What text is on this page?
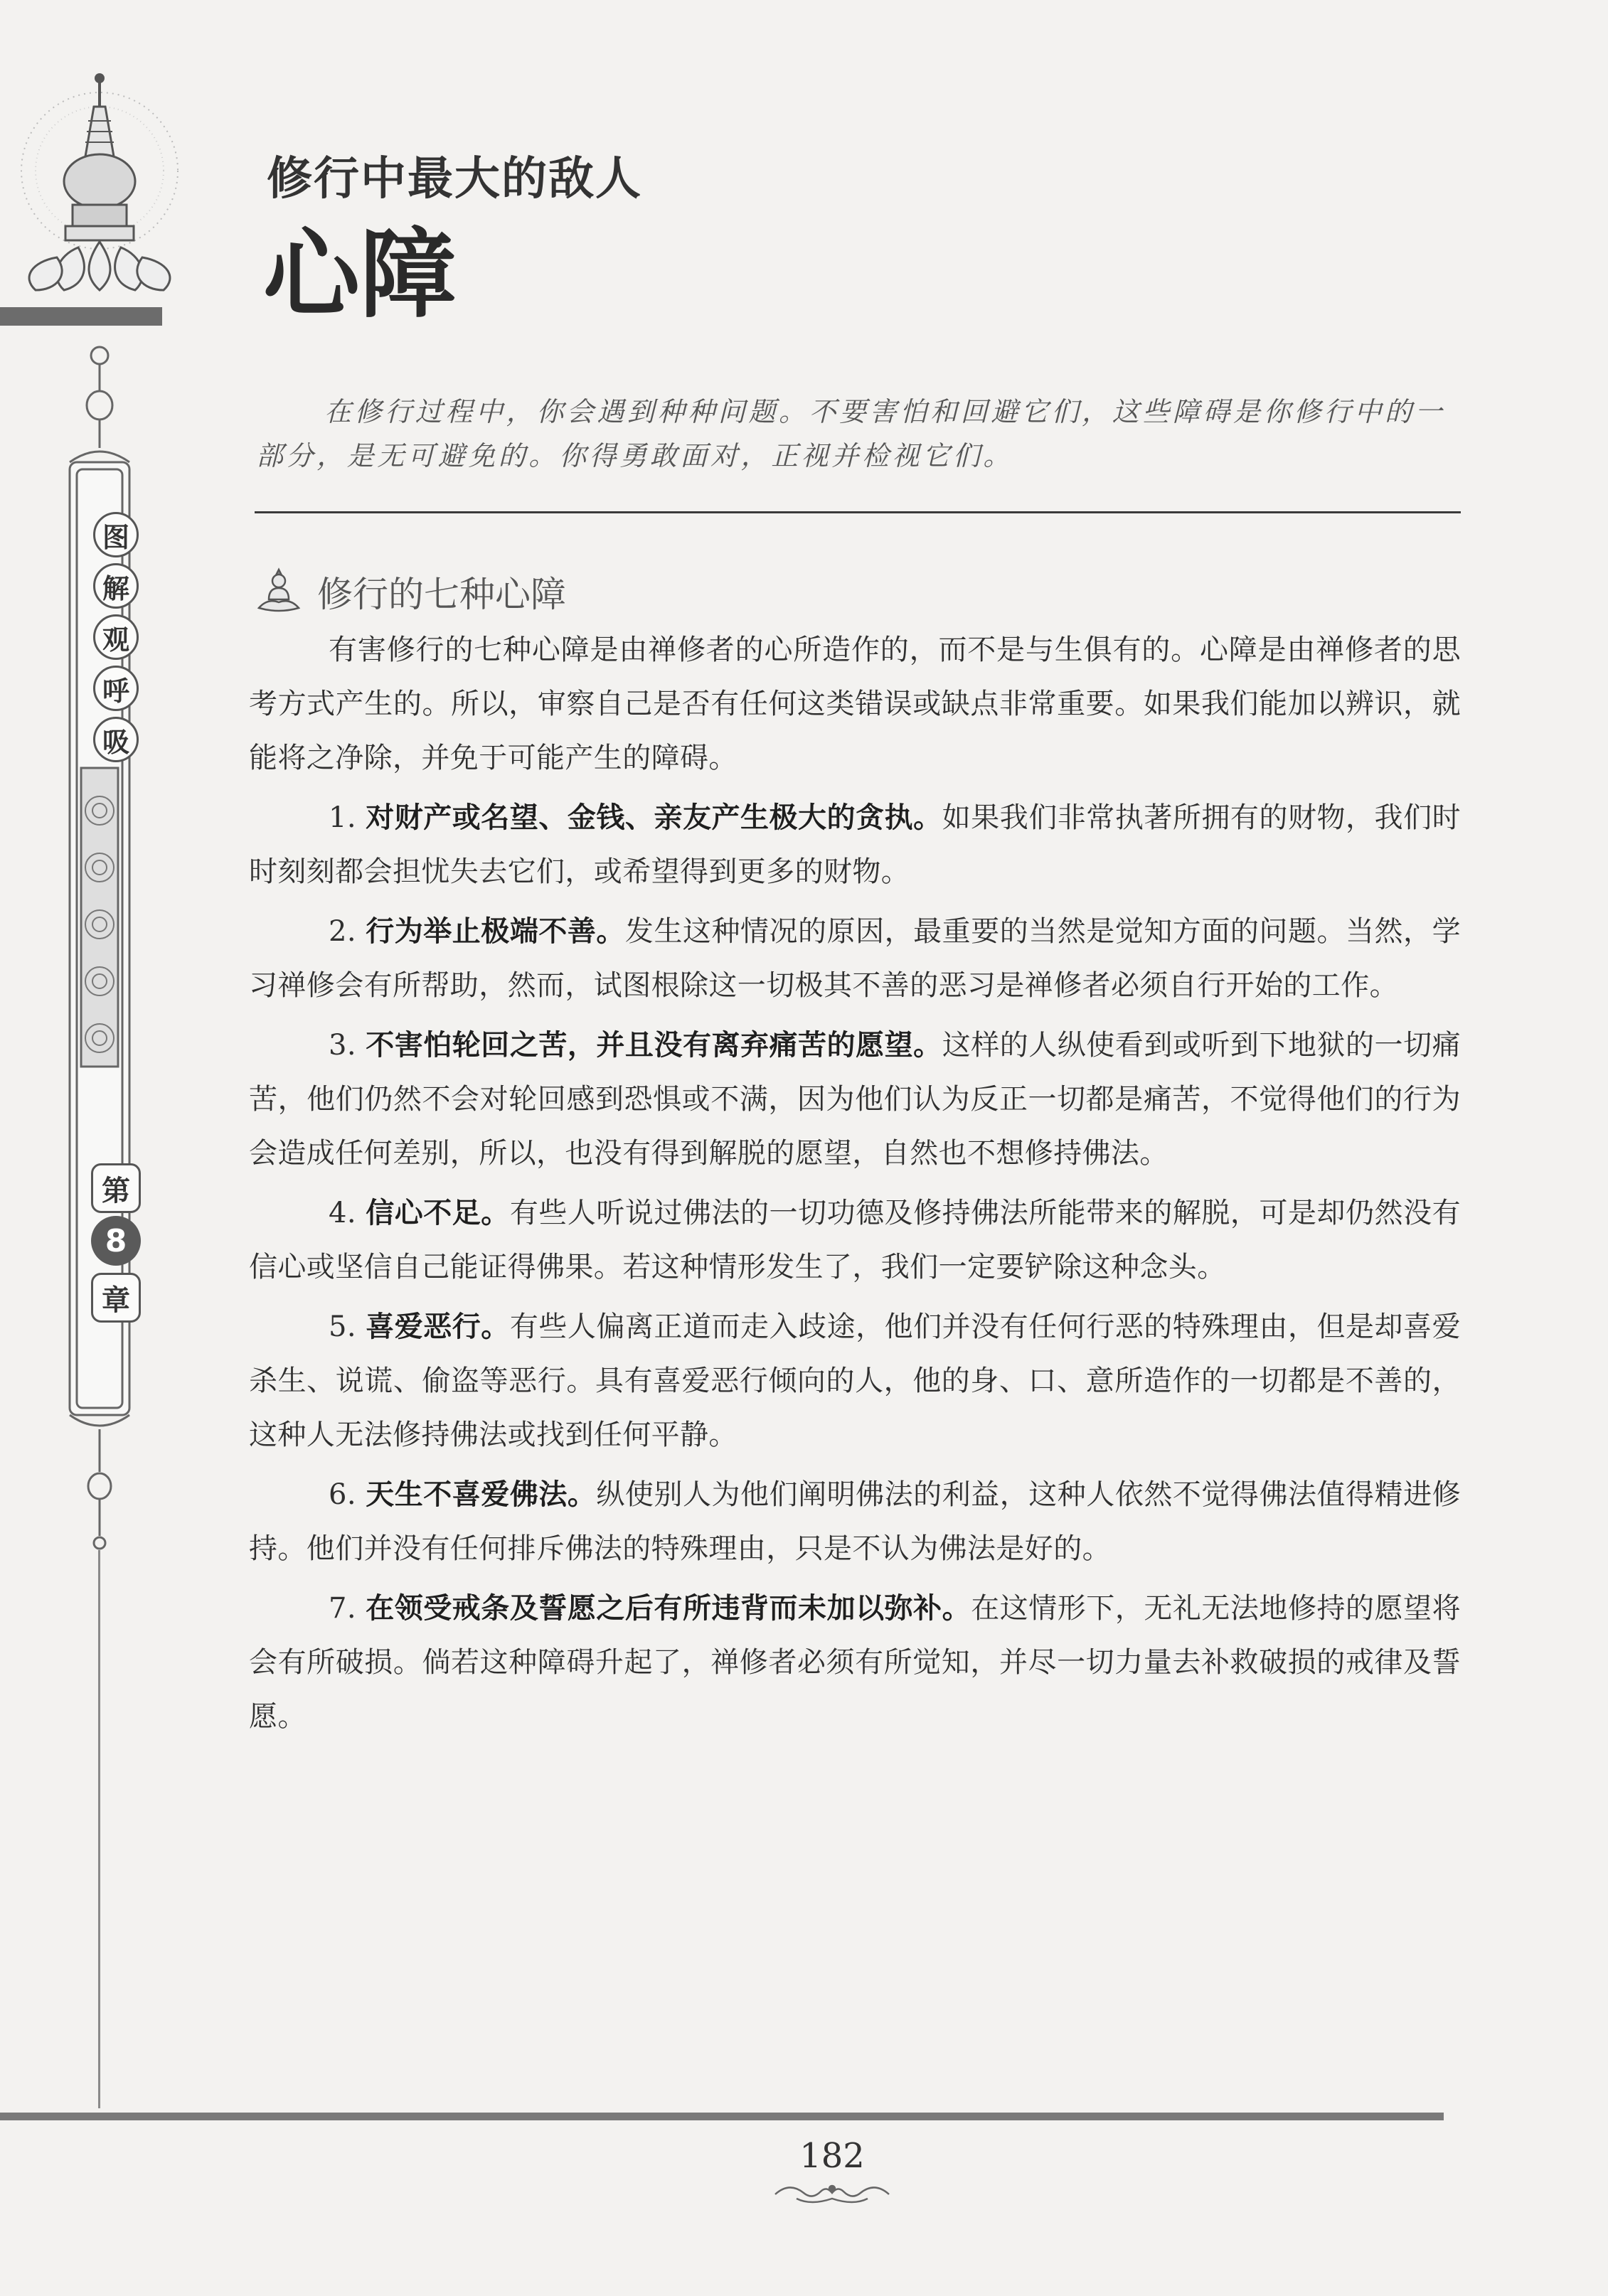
图
解
观
呼
吸
第
8
章
修行中最大的敌人
心障

在修行过程中，你会遇到种种问题。不要害怕和回避它们，这些障碍是你修行中的一部分，是无可避免的。你得勇敢面对，正视并检视它们。

修行的七种心障

有害修行的七种心障是由禅修者的心所造作的，而不是与生俱有的。心障是由禅修者的思考方式产生的。所以，审察自己是否有任何这类错误或缺点非常重要。如果我们能加以辨识，就能将之净除，并免于可能产生的障碍。

1. 对财产或名望、金钱、亲友产生极大的贪执。如果我们非常执著所拥有的财物，我们时时刻刻都会担忧失去它们，或希望得到更多的财物。

2. 行为举止极端不善。发生这种情况的原因，最重要的当然是觉知方面的问题。当然，学习禅修会有所帮助，然而，试图根除这一切极其不善的恶习是禅修者必须自行开始的工作。

3. 不害怕轮回之苦，并且没有离弃痛苦的愿望。这样的人纵使看到或听到下地狱的一切痛苦，他们仍然不会对轮回感到恐惧或不满，因为他们认为反正一切都是痛苦，不觉得他们的行为会造成任何差别，所以，也没有得到解脱的愿望，自然也不想修持佛法。

4. 信心不足。有些人听说过佛法的一切功德及修持佛法所能带来的解脱，可是却仍然没有信心或坚信自己能证得佛果。若这种情形发生了，我们一定要铲除这种念头。

5. 喜爱恶行。有些人偏离正道而走入歧途，他们并没有任何行恶的特殊理由，但是却喜爱杀生、说谎、偷盗等恶行。具有喜爱恶行倾向的人，他的身、口、意所造作的一切都是不善的，这种人无法修持佛法或找到任何平静。

6. 天生不喜爱佛法。纵使别人为他们阐明佛法的利益，这种人依然不觉得佛法值得精进修持。他们并没有任何排斥佛法的特殊理由，只是不认为佛法是好的。

7. 在领受戒条及誓愿之后有所违背而未加以弥补。在这情形下，无礼无法地修持的愿望将会有所破损。倘若这种障碍升起了，禅修者必须有所觉知，并尽一切力量去补救破损的戒律及誓愿。

182
